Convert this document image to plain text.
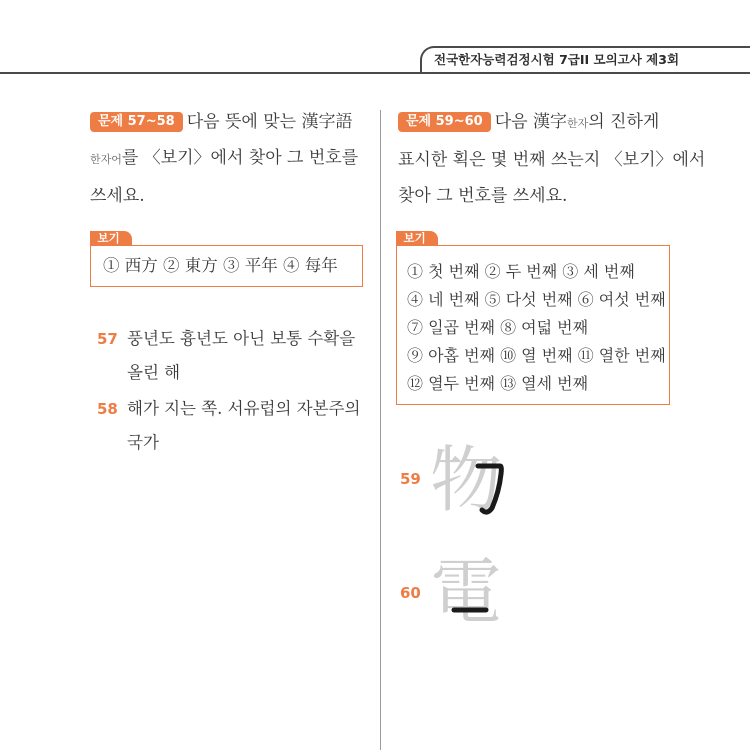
전국한자능력검정시험 7급II 모의고사 제3회
문제 57~58 다음 뜻에 맞는 漢字語
한자어를 〈보기〉에서 찾아 그 번호를
쓰세요.
보기
① 西方 ② 東方 ③ 平年 ④ 每年
57 풍년도 흉년도 아닌 보통 수확을 올린 해
58 해가 지는 쪽. 서유럽의 자본주의 국가
문제 59~60 다음 漢字한자의 진하게
표시한 획은 몇 번째 쓰는지 〈보기〉에서
찾아 그 번호를 쓰세요.
보기
① 첫 번째 ② 두 번째 ③ 세 번째
④ 네 번째 ⑤ 다섯 번째 ⑥ 여섯 번째
⑦ 일곱 번째 ⑧ 여덟 번째
⑨ 아홉 번째 ⑩ 열 번째 ⑪ 열한 번째
⑫ 열두 번째 ⑬ 열세 번째
59 物
60 電
